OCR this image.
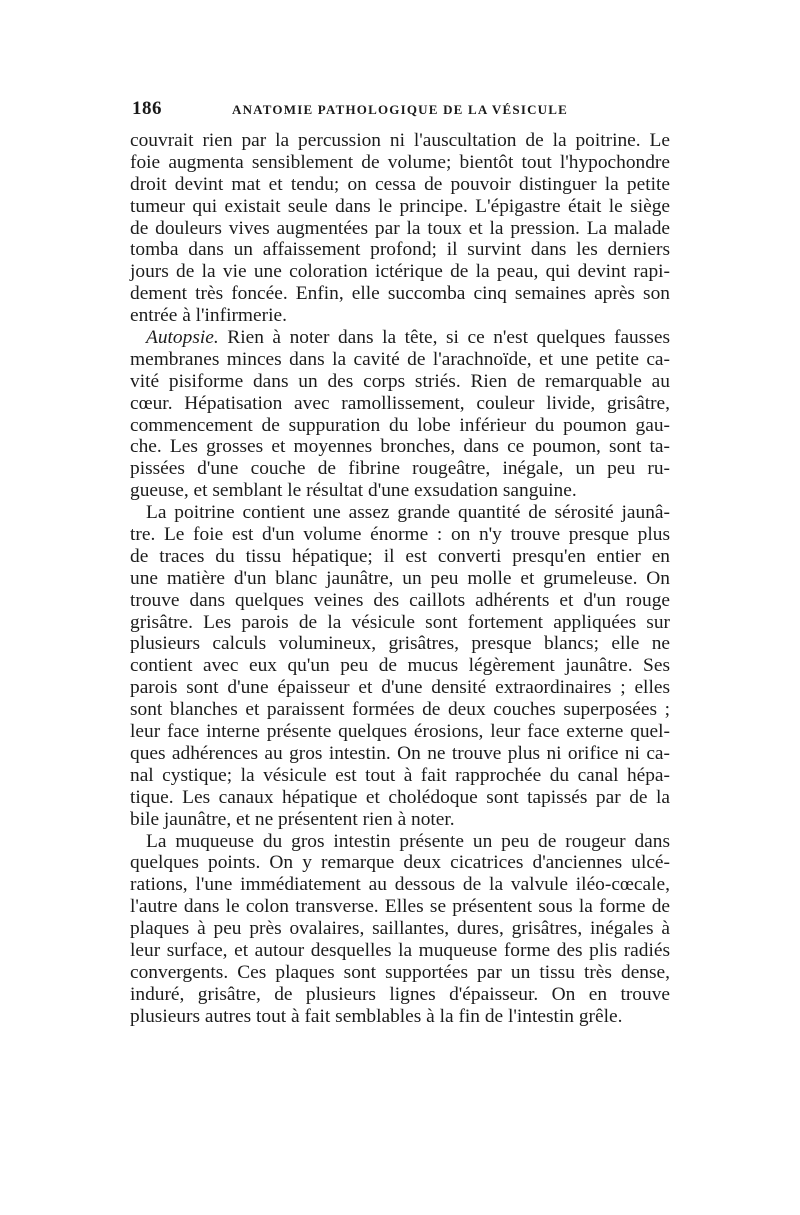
186	ANATOMIE PATHOLOGIQUE DE LA VÉSICULE
couvrait rien par la percussion ni l'auscultation de la poitrine. Le
foie augmenta sensiblement de volume; bientôt tout l'hypochondre
droit devint mat et tendu; on cessa de pouvoir distinguer la petite
tumeur qui existait seule dans le principe. L'épigastre était le siège
de douleurs vives augmentées par la toux et la pression. La malade
tomba dans un affaissement profond; il survint dans les derniers
jours de la vie une coloration ictérique de la peau, qui devint rapi-
dement très foncée. Enfin, elle succomba cinq semaines après son
entrée à l'infirmerie.
Autopsie. Rien à noter dans la tête, si ce n'est quelques fausses
membranes minces dans la cavité de l'arachnoïde, et une petite ca-
vité pisiforme dans un des corps striés. Rien de remarquable au
cœur. Hépatisation avec ramollissement, couleur livide, grisâtre,
commencement de suppuration du lobe inférieur du poumon gau-
che. Les grosses et moyennes bronches, dans ce poumon, sont ta-
pissées d'une couche de fibrine rougeâtre, inégale, un peu ru-
gueuse, et semblant le résultat d'une exsudation sanguine.
La poitrine contient une assez grande quantité de sérosité jaunâ-
tre. Le foie est d'un volume énorme : on n'y trouve presque plus
de traces du tissu hépatique; il est converti presqu'en entier en
une matière d'un blanc jaunâtre, un peu molle et grumeleuse. On
trouve dans quelques veines des caillots adhérents et d'un rouge
grisâtre. Les parois de la vésicule sont fortement appliquées sur
plusieurs calculs volumineux, grisâtres, presque blancs; elle ne
contient avec eux qu'un peu de mucus légèrement jaunâtre. Ses
parois sont d'une épaisseur et d'une densité extraordinaires ; elles
sont blanches et paraissent formées de deux couches superposées ;
leur face interne présente quelques érosions, leur face externe quel-
ques adhérences au gros intestin. On ne trouve plus ni orifice ni ca-
nal cystique; la vésicule est tout à fait rapprochée du canal hépa-
tique. Les canaux hépatique et cholédoque sont tapissés par de la
bile jaunâtre, et ne présentent rien à noter.
La muqueuse du gros intestin présente un peu de rougeur dans
quelques points. On y remarque deux cicatrices d'anciennes ulcé-
rations, l'une immédiatement au dessous de la valvule iléo-cœcale,
l'autre dans le colon transverse. Elles se présentent sous la forme de
plaques à peu près ovalaires, saillantes, dures, grisâtres, inégales à
leur surface, et autour desquelles la muqueuse forme des plis radiés
convergents. Ces plaques sont supportées par un tissu très dense,
induré, grisâtre, de plusieurs lignes d'épaisseur. On en trouve
plusieurs autres tout à fait semblables à la fin de l'intestin grêle.
